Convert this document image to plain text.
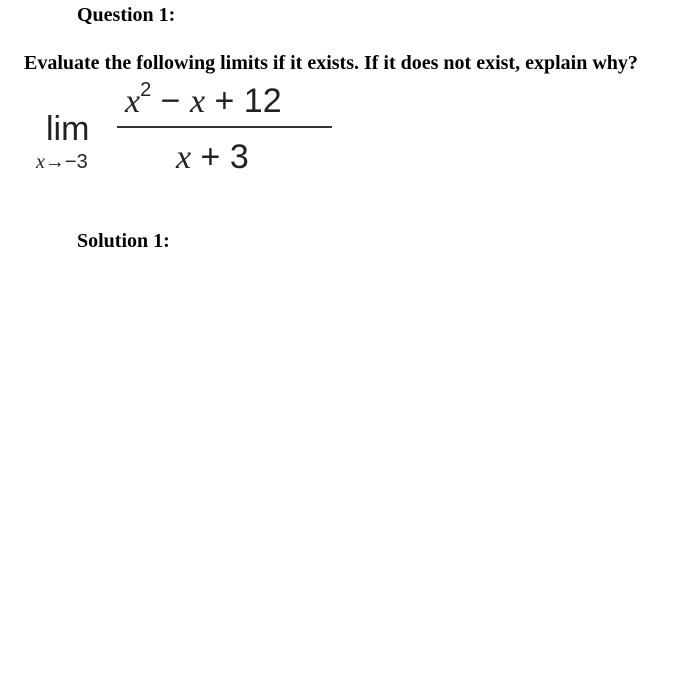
Question 1:
Evaluate the following limits if it exists. If it does not exist, explain why?
lim
x→−3
$x^2 - x + 12$
x + 3
Solution 1:
